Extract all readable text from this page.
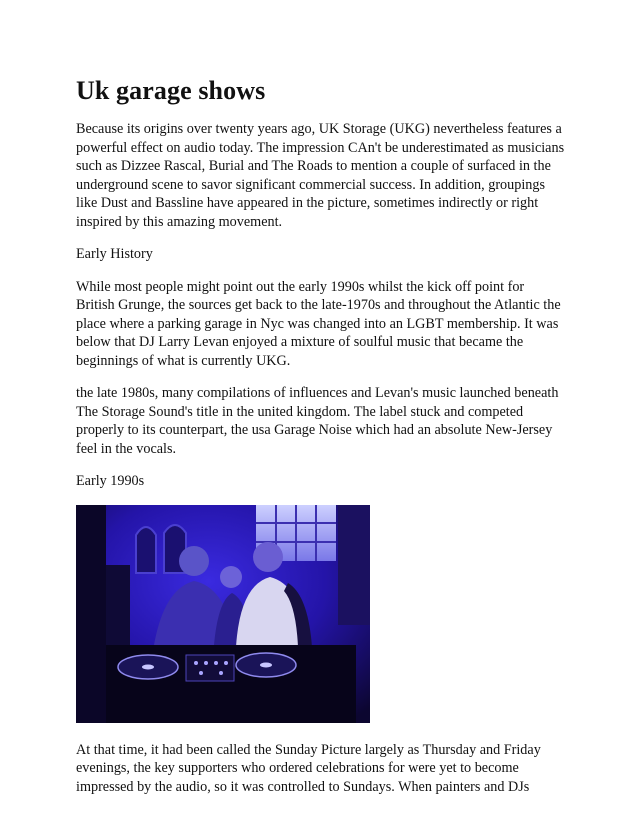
Uk garage shows

Because its origins over twenty years ago, UK Storage (UKG) nevertheless features a powerful effect on audio today. The impression CAn't be underestimated as musicians such as Dizzee Rascal, Burial and The Roads to mention a couple of surfaced in the underground scene to savor significant commercial success. In addition, groupings like Dust and Bassline have appeared in the picture, sometimes indirectly or right inspired by this amazing movement.

Early History

While most people might point out the early 1990s whilst the kick off point for British Grunge, the sources get back to the late-1970s and throughout the Atlantic the place where a parking garage in Nyc was changed into an LGBT membership. It was below that DJ Larry Levan enjoyed a mixture of soulful music that became the beginnings of what is currently UKG.

the late 1980s, many compilations of influences and Levan's music launched beneath The Storage Sound's title in the united kingdom. The label stuck and competed properly to its counterpart, the usa Garage Noise which had an absolute New-Jersey feel in the vocals.

Early 1990s

At that time, it had been called the Sunday Picture largely as Thursday and Friday evenings, the key supporters who ordered celebrations for were yet to become impressed by the audio, so it was controlled to Sundays. When painters and DJs
